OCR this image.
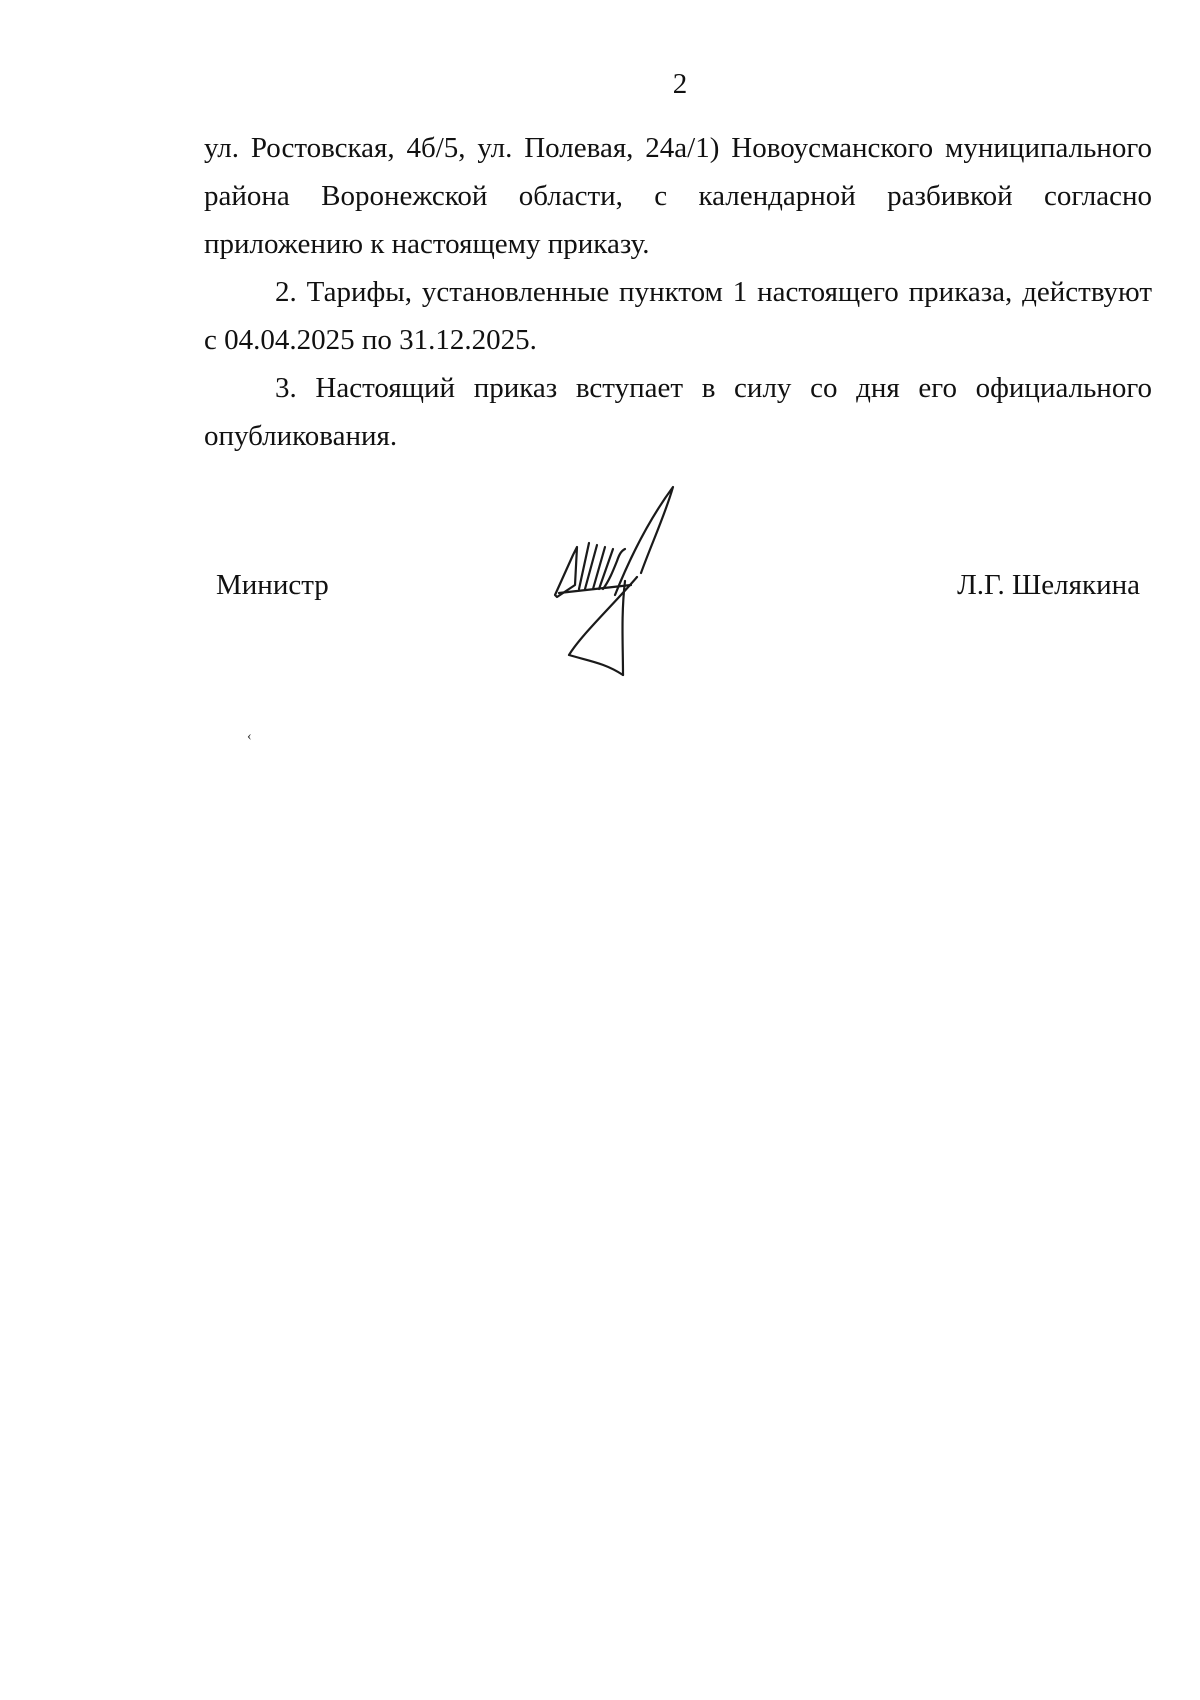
2

ул. Ростовская, 4б/5, ул. Полевая, 24а/1) Новоусманского муниципального района Воронежской области, с календарной разбивкой согласно приложению к настоящему приказу.

2. Тарифы, установленные пунктом 1 настоящего приказа, действуют с 04.04.2025 по 31.12.2025.

3. Настоящий приказ вступает в силу со дня его официального опубликования.

Министр	Л.Г. Шелякина
‹
